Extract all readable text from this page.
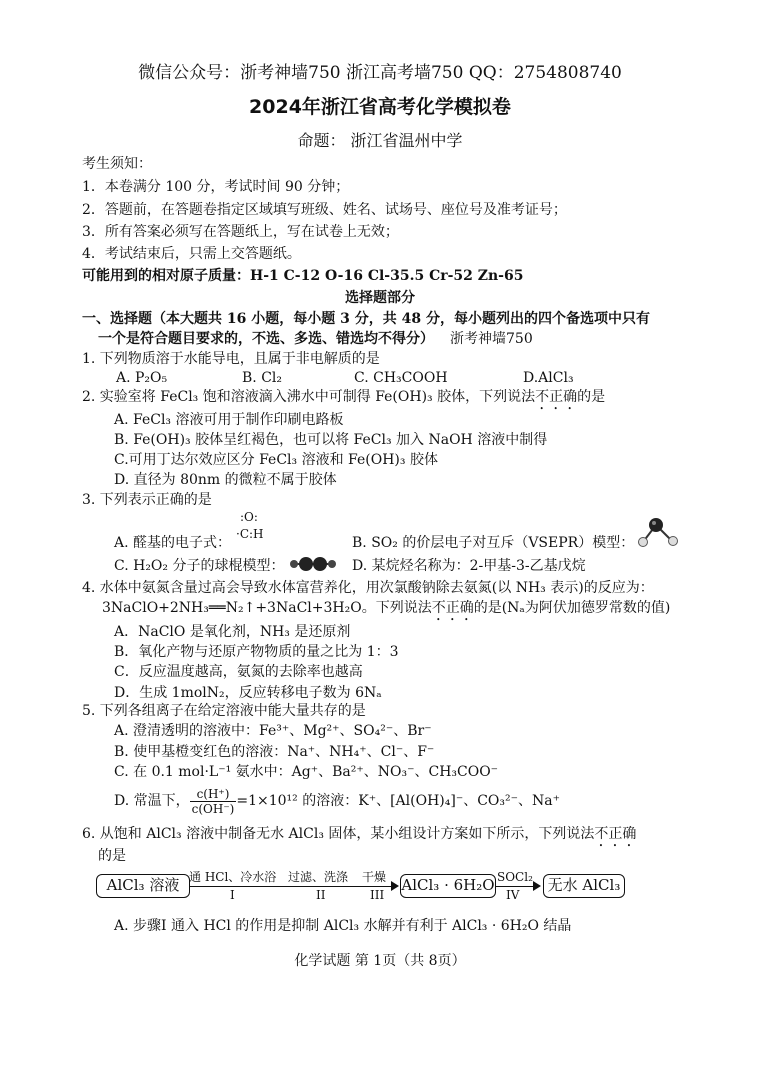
微信公众号：浙考神墙750 浙江高考墙750 QQ：2754808740
2024年浙江省高考化学模拟卷
命题： 浙江省温州中学
考生须知：
1．本卷满分 100 分，考试时间 90 分钟；
2．答题前，在答题卷指定区域填写班级、姓名、试场号、座位号及准考证号；
3．所有答案必须写在答题纸上，写在试卷上无效；
4．考试结束后，只需上交答题纸。
可能用到的相对原子质量：H-1 C-12 O-16 Cl-35.5 Cr-52 Zn-65
选择题部分
一、选择题（本大题共 16 小题，每小题 3 分，共 48 分，每小题列出的四个备选项中只有
一个是符合题目要求的，不选、多选、错选均不得分） 浙考神墙750
1. 下列物质溶于水能导电，且属于非电解质的是
A. P₂O₅	B. Cl₂	C. CH₃COOH	D.AlCl₃
2. 实验室将 FeCl₃ 饱和溶液滴入沸水中可制得 Fe(OH)₃ 胶体，下列说法不正确的是
A. FeCl₃ 溶液可用于制作印刷电路板
B. Fe(OH)₃ 胶体呈红褐色，也可以将 FeCl₃ 加入 NaOH 溶液中制得
C.可用丁达尔效应区分 FeCl₃ 溶液和 Fe(OH)₃ 胶体
D. 直径为 80nm 的微粒不属于胶体
3. 下列表示正确的是
A. 醛基的电子式：
:O:
·C:H
B. SO₂ 的价层电子对互斥（VSEPR）模型：
C. H₂O₂ 分子的球棍模型：	D. 某烷烃名称为：2-甲基-3-乙基戊烷
4. 水体中氨氮含量过高会导致水体富营养化，用次氯酸钠除去氨氮(以 NH₃ 表示)的反应为：
3NaClO+2NH₃══N₂↑+3NaCl+3H₂O。下列说法不正确的是(Nₐ为阿伏加德罗常数的值)
A．NaClO 是氧化剂，NH₃ 是还原剂
B．氧化产物与还原产物物质的量之比为 1：3
C．反应温度越高，氨氮的去除率也越高
D．生成 1molN₂，反应转移电子数为 6Nₐ
5. 下列各组离子在给定溶液中能大量共存的是
A. 澄清透明的溶液中：Fe³⁺、Mg²⁺、SO₄²⁻、Br⁻
B. 使甲基橙变红色的溶液：Na⁺、NH₄⁺、Cl⁻、F⁻
C. 在 0.1 mol·L⁻¹ 氨水中：Ag⁺、Ba²⁺、NO₃⁻、CH₃COO⁻
D. 常温下， $\frac{c(H^+)}{c(OH^-)} =1\times 10^{12}$ 的溶液：K⁺、[Al(OH)₄]⁻、CO₃²⁻、Na⁺
6. 从饱和 AlCl₃ 溶液中制备无水 AlCl₃ 固体，某小组设计方案如下所示，下列说法不正确
的是
AlCl₃ 溶液 通 HCl、冷水浴
I
过滤、洗涤
II
干燥
III
AlCl₃ · 6H₂O SOCl₂
IV
无水 AlCl₃
A. 步骤I 通入 HCl 的作用是抑制 AlCl₃ 水解并有利于 AlCl₃ · 6H₂O 结晶
化学试题 第 1页（共 8页）
